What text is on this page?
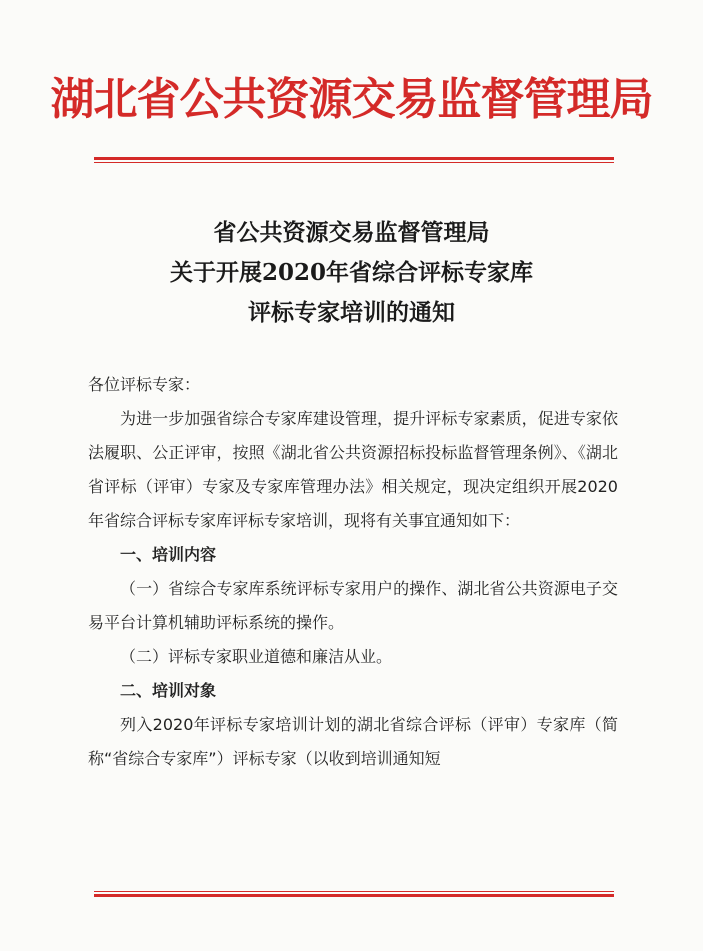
湖北省公共资源交易监督管理局
省公共资源交易监督管理局
关于开展2020年省综合评标专家库
评标专家培训的通知

各位评标专家：

为进一步加强省综合专家库建设管理，提升评标专家素质，促进专家依法履职、公正评审，按照《湖北省公共资源招标投标监督管理条例》、《湖北省评标（评审）专家及专家库管理办法》相关规定，现决定组织开展2020年省综合评标专家库评标专家培训，现将有关事宜通知如下：

一、培训内容

（一）省综合专家库系统评标专家用户的操作、湖北省公共资源电子交易平台计算机辅助评标系统的操作。

（二）评标专家职业道德和廉洁从业。

二、培训对象

列入2020年评标专家培训计划的湖北省综合评标（评审）专家库（简称“省综合专家库”）评标专家（以收到培训通知短
